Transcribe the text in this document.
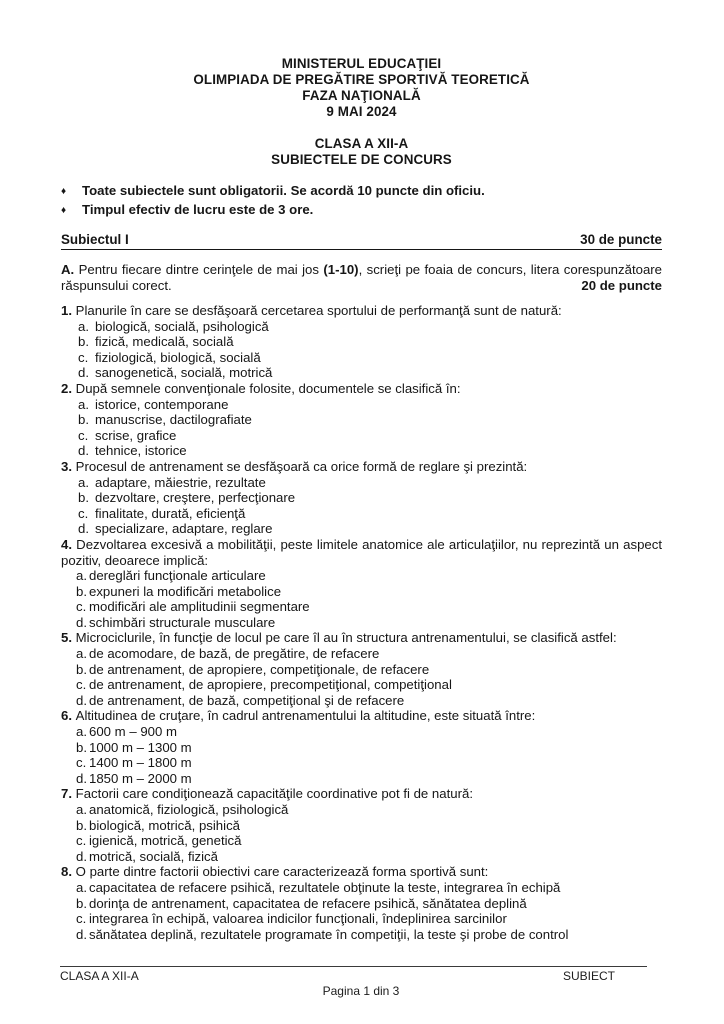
MINISTERUL EDUCAŢIEI
OLIMPIADA DE PREGĂTIRE SPORTIVĂ TEORETICĂ
FAZA NAŢIONALĂ
9 MAI 2024
CLASA A XII-A
SUBIECTELE DE CONCURS
♦	Toate subiectele sunt obligatorii. Se acordă 10 puncte din oficiu.
♦	Timpul efectiv de lucru este de 3 ore.
Subiectul I	30 de puncte
A. Pentru fiecare dintre cerinţele de mai jos (1-10), scrieţi pe foaia de concurs, litera corespunzătoare răspunsului corect.	20 de puncte
1. Planurile în care se desfăşoară cercetarea sportului de performanţă sunt de natură:
a. biologică, socială, psihologică
b. fizică, medicală, socială
c. fiziologică, biologică, socială
d. sanogenetică, socială, motrică
2. După semnele convenţionale folosite, documentele se clasifică în:
a. istorice, contemporane
b. manuscrise, dactilografiate
c. scrise, grafice
d. tehnice, istorice
3. Procesul de antrenament se desfăşoară ca orice formă de reglare şi prezintă:
a. adaptare, măiestrie, rezultate
b. dezvoltare, creştere, perfecţionare
c. finalitate, durată, eficienţă
d. specializare, adaptare, reglare
4. Dezvoltarea excesivă a mobilităţii, peste limitele anatomice ale articulaţiilor, nu reprezintă un aspect pozitiv, deoarece implică:
a. dereglări funcţionale articulare
b. expuneri la modificări metabolice
c. modificări ale amplitudinii segmentare
d. schimbări structurale musculare
5. Microciclurile, în funcţie de locul pe care îl au în structura antrenamentului, se clasifică astfel:
a. de acomodare, de bază, de pregătire, de refacere
b. de antrenament, de apropiere, competiţionale, de refacere
c. de antrenament, de apropiere, precompetiţional, competiţional
d. de antrenament, de bază, competiţional şi de refacere
6. Altitudinea de cruţare, în cadrul antrenamentului la altitudine, este situată între:
a. 600 m – 900 m
b. 1000 m – 1300 m
c. 1400 m – 1800 m
d. 1850 m – 2000 m
7. Factorii care condiţionează capacităţile coordinative pot fi de natură:
a. anatomică, fiziologică, psihologică
b. biologică, motrică, psihică
c. igienică, motrică, genetică
d. motrică, socială, fizică
8. O parte dintre factorii obiectivi care caracterizează forma sportivă sunt:
a. capacitatea de refacere psihică, rezultatele obţinute la teste, integrarea în echipă
b. dorinţa de antrenament, capacitatea de refacere psihică, sănătatea deplină
c. integrarea în echipă, valoarea indicilor funcţionali, îndeplinirea sarcinilor
d. sănătatea deplină, rezultatele programate în competiţii, la teste şi probe de control
CLASA A XII-A	SUBIECT
Pagina 1 din 3
